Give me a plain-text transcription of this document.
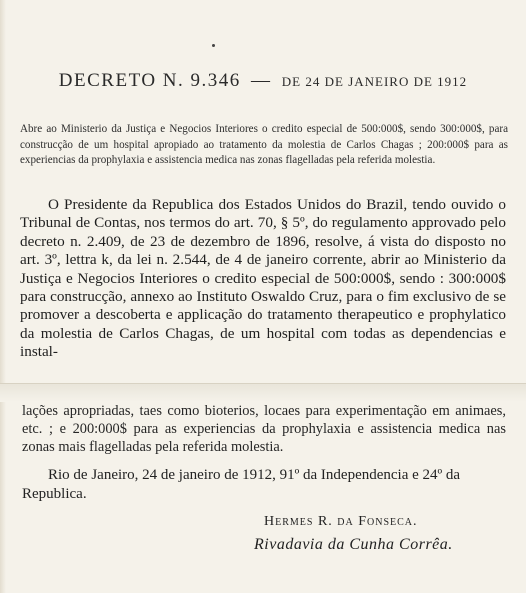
DECRETO N. 9.346 — DE 24 DE JANEIRO DE 1912
Abre ao Ministerio da Justiça e Negocios Interiores o credito especial de 500:000$, sendo 300:000$, para construcção de um hospital apropiado ao tratamento da molestia de Carlos Chagas ; 200:000$ para as experiencias da prophylaxia e assistencia medica nas zonas flagelladas pela referida molestia.
O Presidente da Republica dos Estados Unidos do Brazil, tendo ouvido o Tribunal de Contas, nos termos do art. 70, § 5º, do regulamento approvado pelo decreto n. 2.409, de 23 de dezembro de 1896, resolve, á vista do disposto no art. 3º, lettra k, da lei n. 2.544, de 4 de janeiro corrente, abrir ao Ministerio da Justiça e Negocios Interiores o credito especial de 500:000$, sendo : 300:000$ para construcção, annexo ao Instituto Oswaldo Cruz, para o fim exclusivo de se promover a descoberta e applicação do tratamento therapeutico e prophylatico da molestia de Carlos Chagas, de um hospital com todas as dependencias e instal-
lações apropriadas, taes como bioterios, locaes para experimentação em animaes, etc. ; e 200:000$ para as experiencias da prophylaxia e assistencia medica nas zonas mais flagelladas pela referida molestia.
Rio de Janeiro, 24 de janeiro de 1912, 91º da Independencia e 24º da Republica.
Hermes R. da Fonseca.
Rivadavia da Cunha Corrêa.
